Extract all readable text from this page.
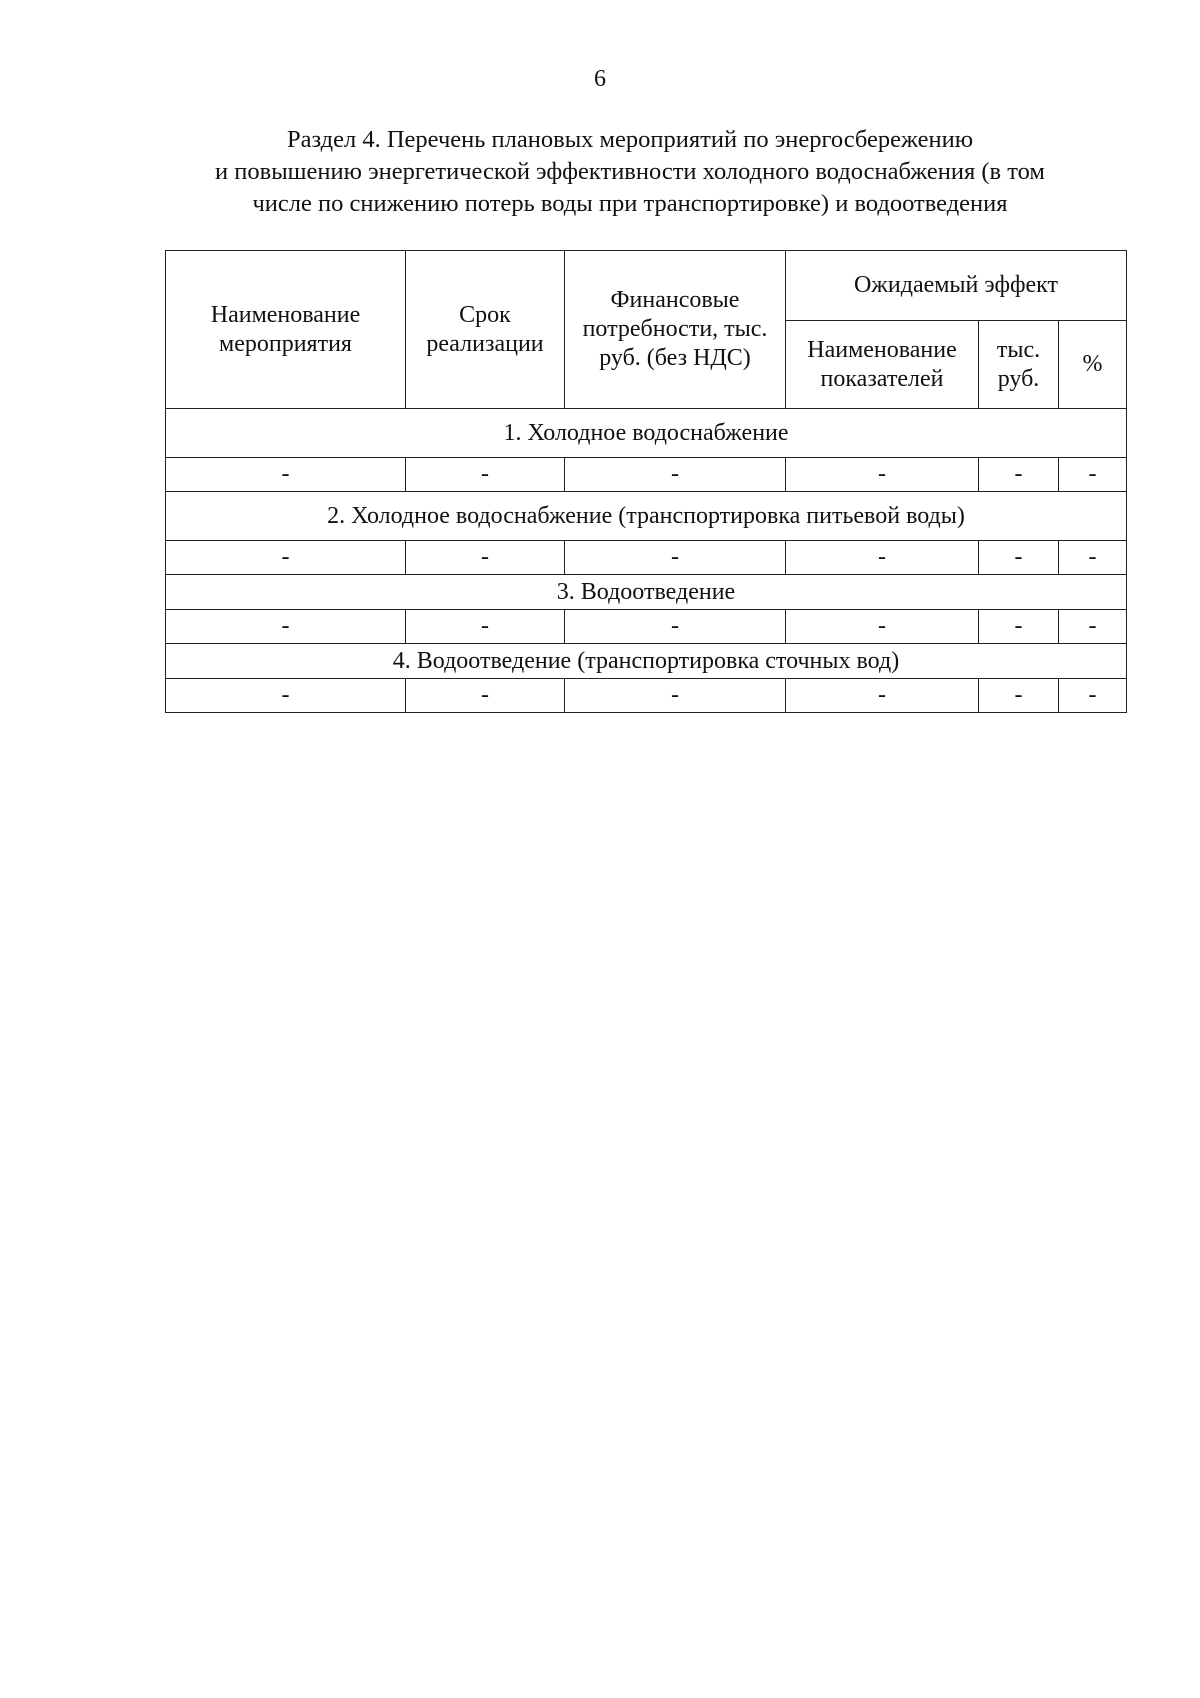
6
Раздел 4. Перечень плановых мероприятий по энергосбережению
и повышению энергетической эффективности холодного водоснабжения (в том
числе по снижению потерь воды при транспортировке) и водоотведения
Наименование мероприятия	Срок реализации	Финансовые потребности, тыс. руб. (без НДС)	Ожидаемый эффект		
			Наименование показателей	тыс. руб.	%
1. Холодное водоснабжение					
-	-	-	-	-	-
2. Холодное водоснабжение (транспортировка питьевой воды)					
-	-	-	-	-	-
3. Водоотведение					
-	-	-	-	-	-
4. Водоотведение (транспортировка сточных вод)					
-	-	-	-	-	-
